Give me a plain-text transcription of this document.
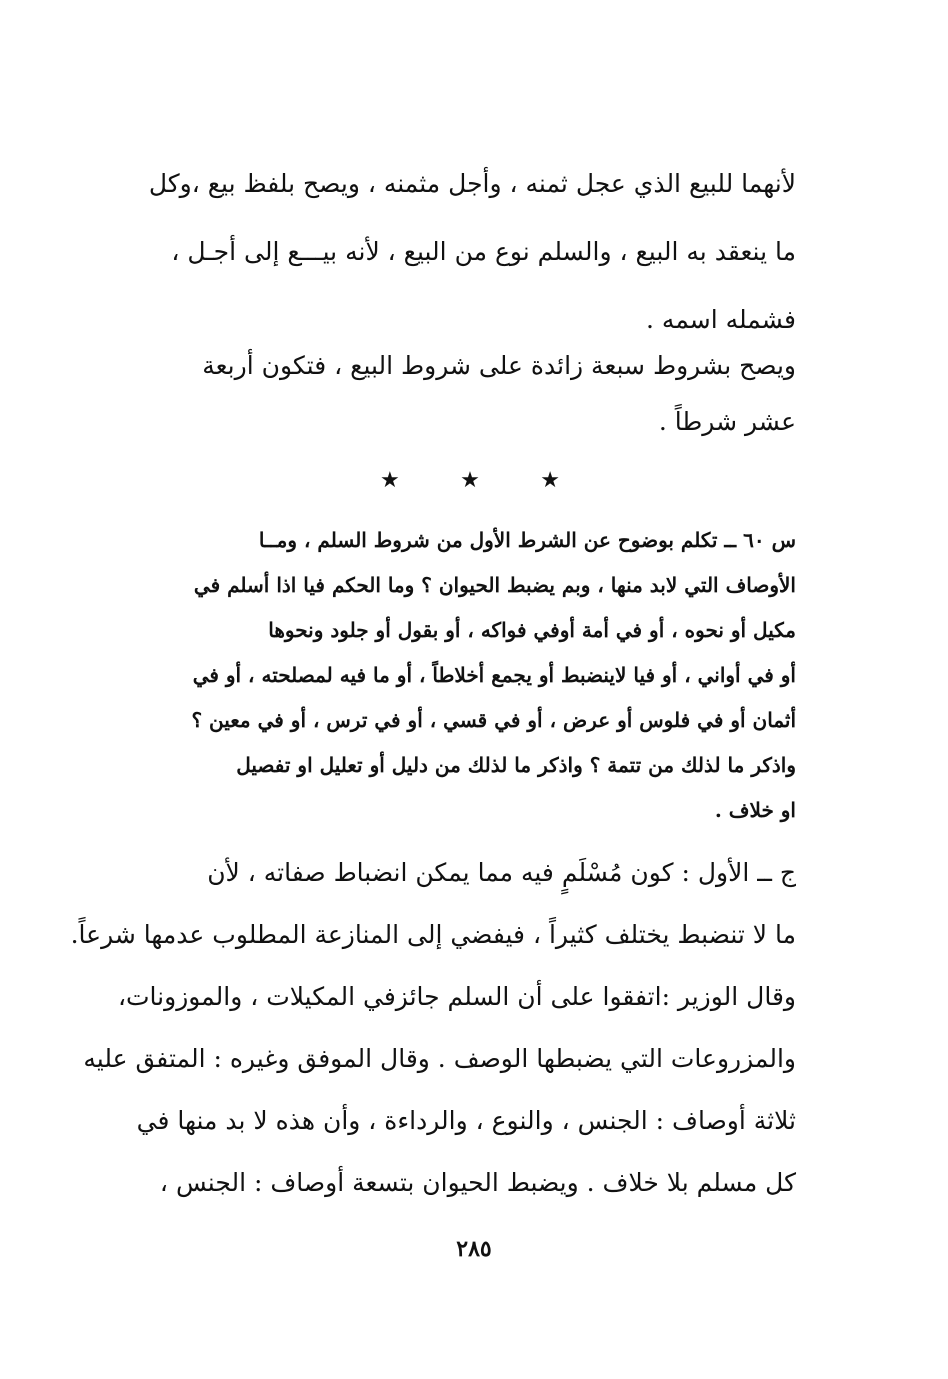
لأنهما للبيع الذي عجل ثمنه ، وأجل مثمنه ، ويصح بلفظ بيع ،وكل
ما ينعقد به البيع ، والسلم نوع من البيع ، لأنه بيـــع إلى أجـل ،
فشمله اسمه .
ويصح بشروط سبعة زائدة على شروط البيع ، فتكون أربعة
عشر شرطاً .
★	★	★
س ٦٠ ــ تكلم بوضوح عن الشرط الأول من شروط السلم ، ومــا
الأوصاف التي لابد منها ، وبم يضبط الحيوان ؟ وما الحكم فيا اذا أسلم في
مكيل أو نحوه ، أو في أمة أوفي فواكه ، أو بقول أو جلود ونحوها
أو في أواني ، أو فيا لاينضبط أو يجمع أخلاطاً ، أو ما فيه لمصلحته ، أو في
أثمان أو في فلوس أو عرض ، أو في قسي ، أو في ترس ، أو في معين ؟
واذكر ما لذلك من تتمة ؟ واذكر ما لذلك من دليل أو تعليل او تفصيل
او خلاف .
ج ــ الأول : كون مُسْلَمٍ فيه مما يمكن انضباط صفاته ، لأن
ما لا تنضبط يختلف كثيراً ، فيفضي إلى المنازعة المطلوب عدمها شرعاً.
وقال الوزير :اتفقوا على أن السلم جائزفي المكيلات ، والموزونات،
والمزروعات التي يضبطها الوصف . وقال الموفق وغيره : المتفق عليه
ثلاثة أوصاف : الجنس ، والنوع ، والرداءة ، وأن هذه لا بد منها في
كل مسلم بلا خلاف . ويضبط الحيوان بتسعة أوصاف : الجنس ،
٢٨٥
